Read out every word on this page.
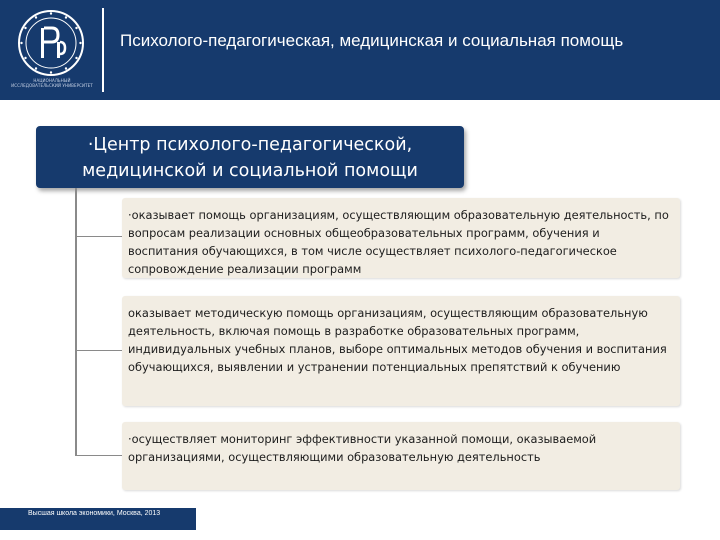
НАЦИОНАЛЬНЫЙ ИССЛЕДОВАТЕЛЬСКИЙ УНИВЕРСИТЕТ
Психолого-педагогическая, медицинская и социальная помощь
·Центр психолого-педагогической, медицинской и социальной помощи
·оказывает помощь организациям, осуществляющим образовательную деятельность, по вопросам реализации основных общеобразовательных программ, обучения и воспитания обучающихся, в том числе осуществляет психолого-педагогическое сопровождение реализации программ
оказывает методическую помощь организациям, осуществляющим образовательную деятельность, включая помощь в разработке образовательных программ, индивидуальных учебных планов, выборе оптимальных методов обучения и воспитания обучающихся, выявлении и устранении потенциальных препятствий к обучению
·осуществляет мониторинг эффективности указанной помощи, оказываемой организациями, осуществляющими образовательную деятельность
Высшая школа экономики, Москва, 2013
